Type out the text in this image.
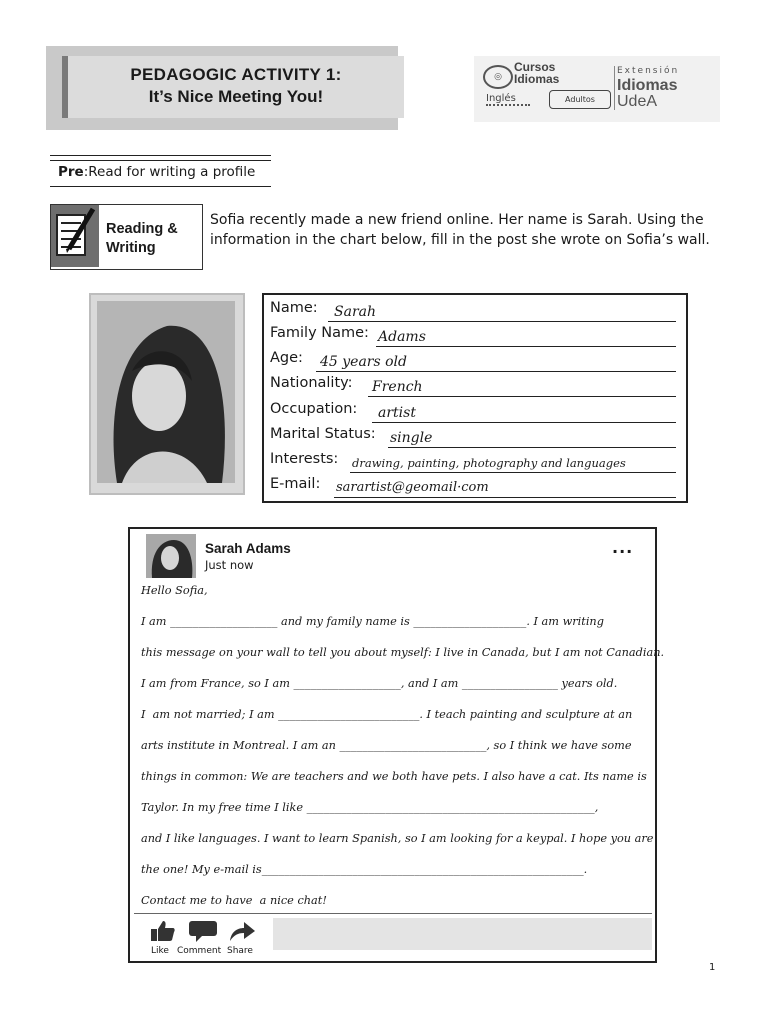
PEDAGOGIC ACTIVITY 1:
It’s Nice Meeting You!
◎
Cursos
Idiomas
Inglés	Adultos
Extensión
Idiomas
UdeA
Pre:Read for writing a profile
Reading &
Writing
Sofia recently made a new friend online. Her name is Sarah. Using the
information in the chart below, fill in the post she wrote on Sofia’s wall.
Name: Sarah
Family Name: Adams
Age: 45 years old
Nationality: French
Occupation: artist
Marital Status: single
Interests: drawing, painting, photography and languages
E-mail: sarartist@geomail·com
Sarah Adams
Just now
...
Hello Sofia,
I am ___________________ and my family name is ____________________. I am writing
this message on your wall to tell you about myself: I live in Canada, but I am not Canadian.
I am from France, so I am ___________________, and I am _________________ years old.
I  am not married; I am _________________________. I teach painting and sculpture at an
arts institute in Montreal. I am an __________________________, so I think we have some
things in common: We are teachers and we both have pets. I also have a cat. Its name is
Taylor. In my free time I like ___________________________________________________,
and I like languages. I want to learn Spanish, so I am looking for a keypal. I hope you are
the one! My e-mail is_________________________________________________________.
Contact me to have  a nice chat!
Like Comment Share
1
